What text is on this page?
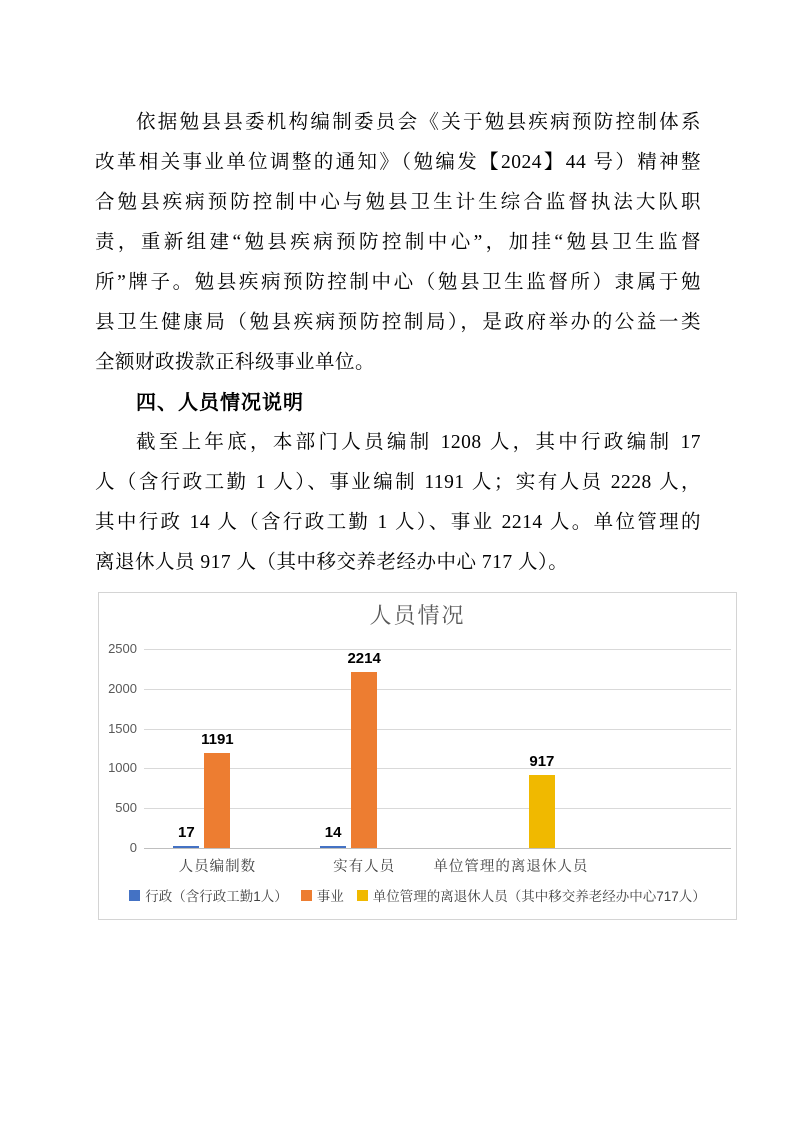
依据勉县县委机构编制委员会《关于勉县疾病预防控制体系
改革相关事业单位调整的通知》（勉编发【2024】44 号）精神整
合勉县疾病预防控制中心与勉县卫生计生综合监督执法大队职
责，重新组建“勉县疾病预防控制中心”，加挂“勉县卫生监督
所”牌子。勉县疾病预防控制中心（勉县卫生监督所）隶属于勉
县卫生健康局（勉县疾病预防控制局），是政府举办的公益一类
全额财政拨款正科级事业单位。
四、人员情况说明
截至上年底，本部门人员编制 1208 人，其中行政编制 17
人（含行政工勤 1 人）、事业编制 1191 人；实有人员 2228 人，
其中行政 14 人（含行政工勤 1 人）、事业 2214 人。单位管理的
离退休人员 917 人（其中移交养老经办中心 717 人）。
人员情况
行政（含行政工勤1人） 事业 单位管理的离退休人员（其中移交养老经办中心717人）
2500
2000
1500
1000
500
0
17	14
1191
2214
917
人员编制数	实有人员	单位管理的离退休人员
